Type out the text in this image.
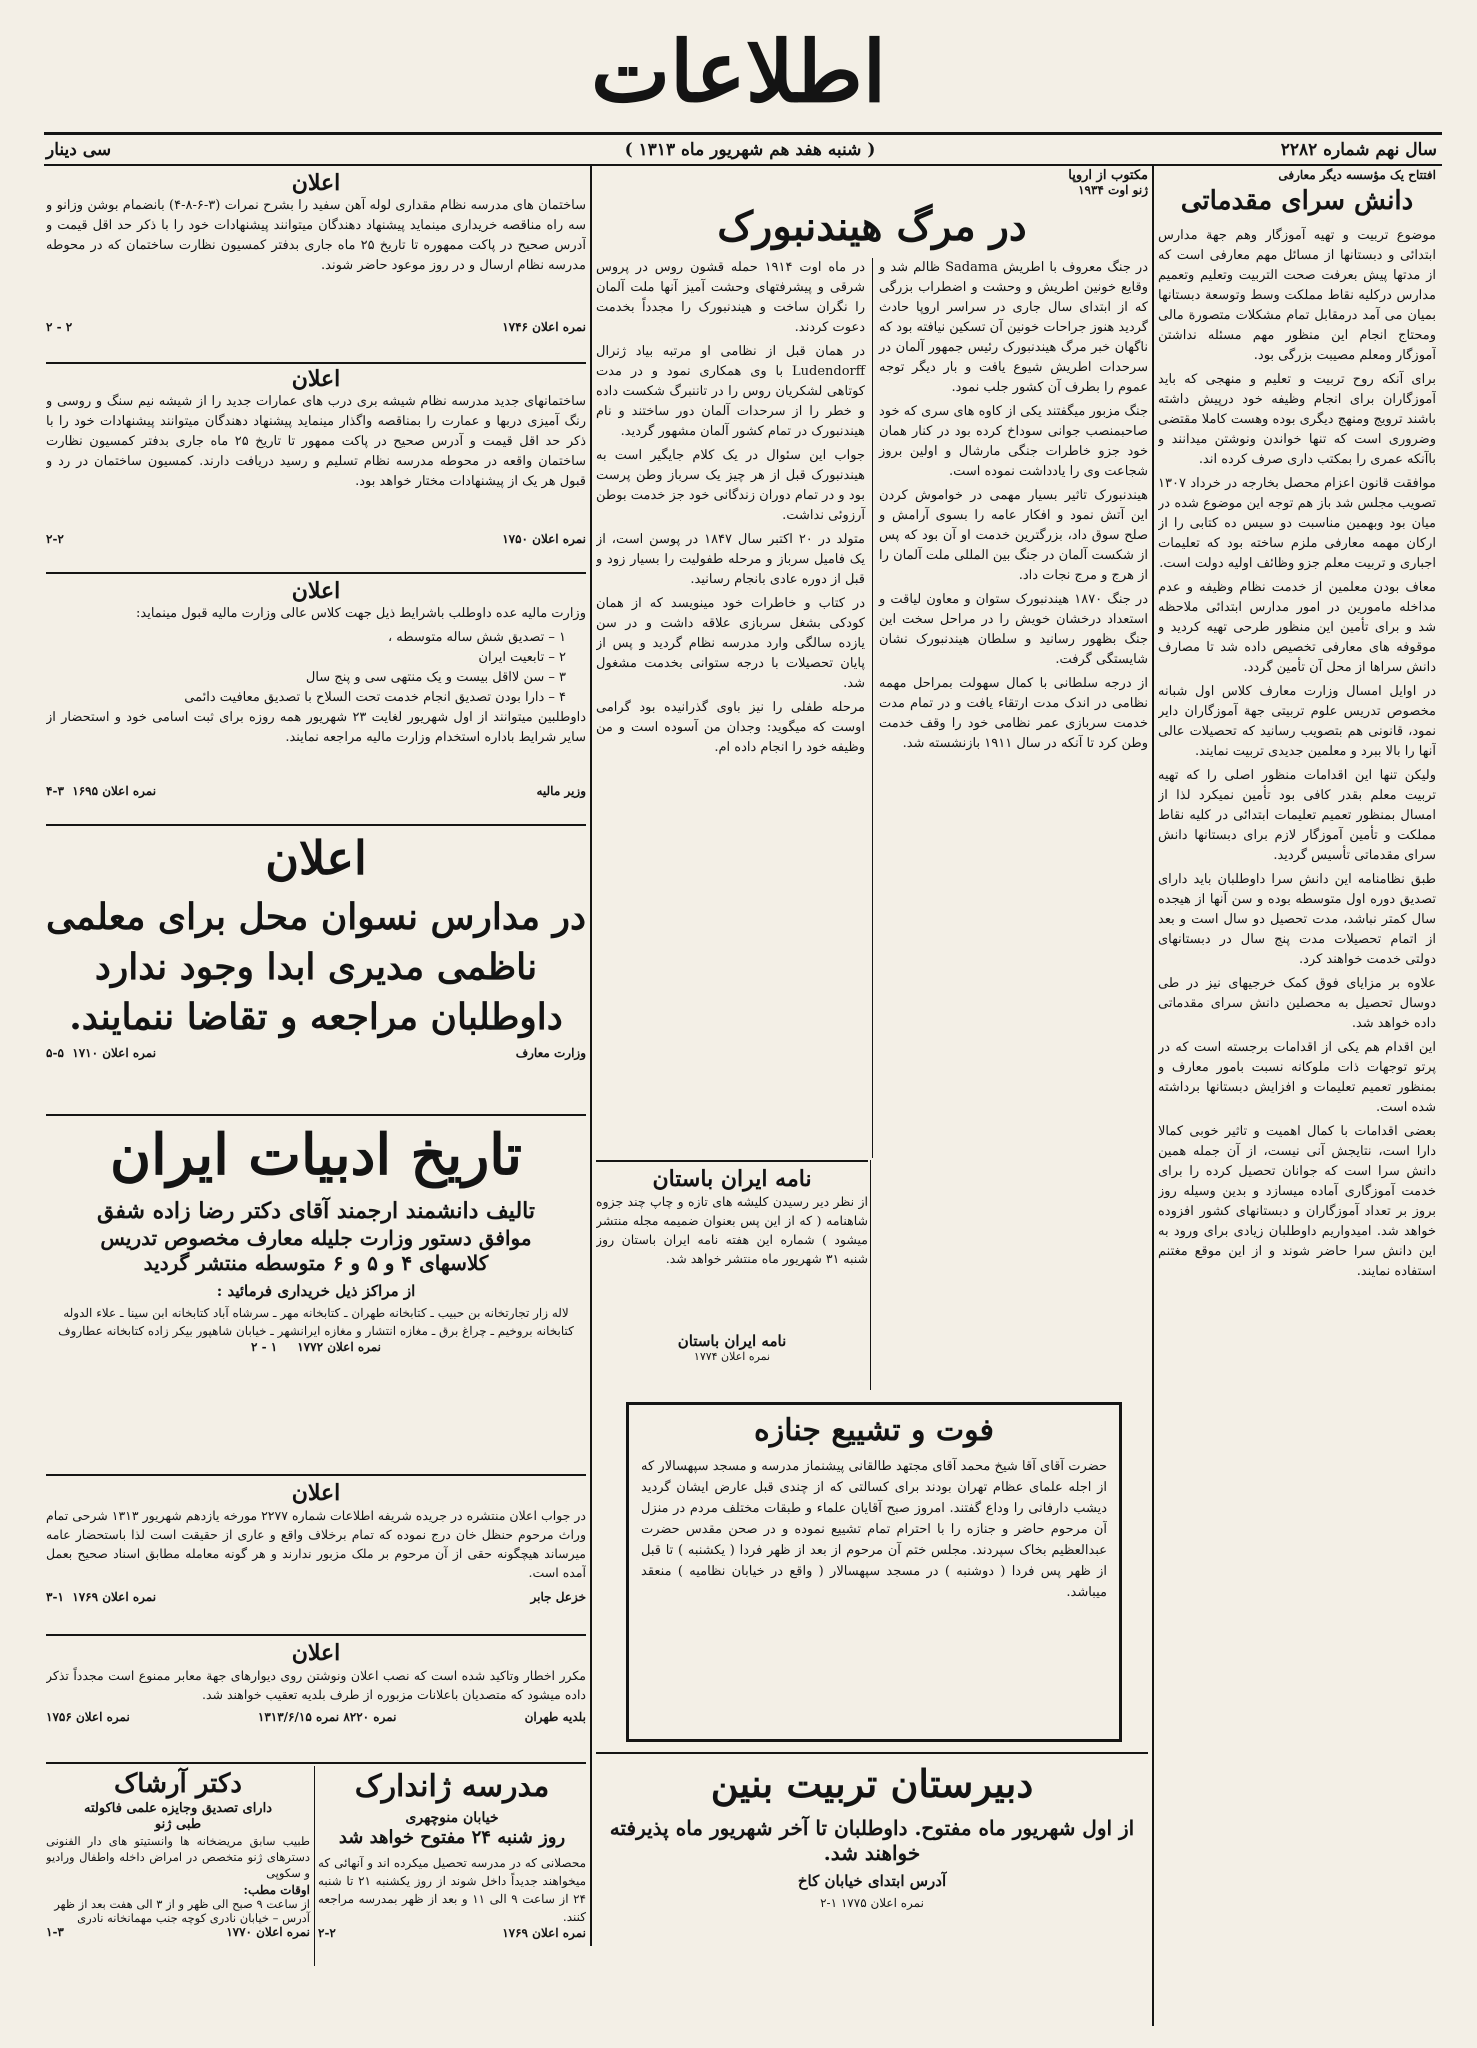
اطلاعات
سال نهم شماره ۲۲۸۲
( شنبه هفد هم شهریور ماه ۱۳۱۳ )
سی دینار
افتتاح یک مؤسسه دیگر معارفی
دانش سرای مقدماتی

موضوع تربیت و تهیه آموزگار وهم جهة مدارس ابتدائی و دبستانها از مسائل مهم معارفی است که از مدتها پیش بعرفت صحت التربیت وتعلیم وتعمیم مدارس درکلیه نقاط مملکت وسط وتوسعة دبستانها بمیان می آمد درمقابل تمام مشکلات متصورة مالی ومحتاج انجام این منظور مهم مسئله نداشتن آموزگار ومعلم مصیبت بزرگی بود.

برای آنکه روح تربیت و تعلیم و منهجی که باید آموزگاران برای انجام وظیفه خود درپیش داشته باشند ترویج ومنهج دیگری بوده وهست کاملا مقتضی وضروری است که تنها خواندن ونوشتن میدانند و باآنکه عمری را بمکتب داری صرف کرده اند.

موافقت قانون اعزام محصل بخارجه در خرداد ۱۳۰۷ تصویب مجلس شد باز هم توجه این موضوع شده در میان بود وبهمین مناسبت دو سیس ده کتابی را از ارکان مهمه معارفی ملزم ساخته بود که تعلیمات اجباری و تربیت معلم جزو وظائف اولیه دولت است.

معاف بودن معلمین از خدمت نظام وظیفه و عدم مداخله مامورین در امور مدارس ابتدائی ملاحظه شد و برای تأمین این منظور طرحی تهیه کردید و موقوفه های معارفی تخصیص داده شد تا مصارف دانش سراها از محل آن تأمین گردد.

در اوایل امسال وزارت معارف کلاس اول شبانه مخصوص تدریس علوم تربیتی جهة آموزگاران دایر نمود، قانونی هم بتصویب رسانید که تحصیلات عالی آنها را بالا ببرد و معلمین جدیدی تربیت نمایند.

ولیکن تنها این اقدامات منظور اصلی را که تهیه تربیت معلم بقدر کافی بود تأمین نمیکرد لذا از امسال بمنظور تعمیم تعلیمات ابتدائی در کلیه نقاط مملکت و تأمین آموزگار لازم برای دبستانها دانش سرای مقدماتی تأسیس گردید.

طبق نظامنامه این دانش سرا داوطلبان باید دارای تصدیق دوره اول متوسطه بوده و سن آنها از هیجده سال کمتر نباشد، مدت تحصیل دو سال است و بعد از اتمام تحصیلات مدت پنج سال در دبستانهای دولتی خدمت خواهند کرد.

علاوه بر مزایای فوق کمک خرجیهای نیز در طی دوسال تحصیل به محصلین دانش سرای مقدماتی داده خواهد شد.

این اقدام هم یکی از اقدامات برجسته است که در پرتو توجهات ذات ملوکانه نسبت بامور معارف و بمنظور تعمیم تعلیمات و افزایش دبستانها برداشته شده است.

بعضی اقدامات با کمال اهمیت و تاثیر خوبی کمالا دارا است، نتایجش آنی نیست، از آن جمله همین دانش سرا است که جوانان تحصیل کرده را برای خدمت آموزگاری آماده میسازد و بدین وسیله روز بروز بر تعداد آموزگاران و دبستانهای کشور افزوده خواهد شد. امیدواریم داوطلبان زیادی برای ورود به این دانش سرا حاضر شوند و از این موقع مغتنم استفاده نمایند.

مکتوب از اروپا
ژنو اوت ۱۹۳۴
در مرگ هیندنبورک

در جنگ معروف با اطریش Sadama ظالم شد و وقایع خونین اطریش و وحشت و اضطراب بزرگی که از ابتدای سال جاری در سراسر اروپا حادث گردید هنوز جراحات خونین آن تسکین نیافته بود که ناگهان خبر مرگ هیندنبورک رئیس جمهور آلمان در سرحدات اطریش شیوع یافت و بار دیگر توجه عموم را بطرف آن کشور جلب نمود.

جنگ مزبور میگفتند یکی از کاوه های سری که خود صاحبمنصب جوانی سوداخ کرده بود در کنار همان خود جزو خاطرات جنگی مارشال و اولین بروز شجاعت وی را یادداشت نموده است.

هیندنبورک تاثیر بسیار مهمی در خواموش کردن این آتش نمود و افکار عامه را بسوی آرامش و صلح سوق داد، بزرگترین خدمت او آن بود که پس از شکست آلمان در جنگ بین المللی ملت آلمان را از هرج و مرج نجات داد.

در جنگ ۱۸۷۰ هیندنبورک ستوان و معاون لیاقت و استعداد درخشان خویش را در مراحل سخت این جنگ بظهور رسانید و سلطان هیندنبورک نشان شایستگی گرفت.

از درجه سلطانی با کمال سهولت بمراحل مهمه نظامی در اندک مدت ارتقاء یافت و در تمام مدت خدمت سربازی عمر نظامی خود را وقف خدمت وطن کرد تا آنکه در سال ۱۹۱۱ بازنشسته شد.

در ماه اوت ۱۹۱۴ حمله قشون روس در پروس شرقی و پیشرفتهای وحشت آمیز آنها ملت آلمان را نگران ساخت و هیندنبورک را مجدداً بخدمت دعوت کردند.

در همان قبل از نظامی او مرتبه بیاد ژنرال Ludendorff با وی همکاری نمود و در مدت کوتاهی لشکریان روس را در تاننبرگ شکست داده و خطر را از سرحدات آلمان دور ساختند و نام هیندنبورک در تمام کشور آلمان مشهور گردید.

جواب این سئوال در یک کلام جایگیر است به هیندنبورک قبل از هر چیز یک سرباز وطن پرست بود و در تمام دوران زندگانی خود جز خدمت بوطن آرزوئی نداشت.

متولد در ۲۰ اکتبر سال ۱۸۴۷ در پوسن است، از یک فامیل سرباز و مرحله طفولیت را بسیار زود و قبل از دوره عادی بانجام رسانید.

در کتاب و خاطرات خود مینویسد که از همان کودکی بشغل سربازی علاقه داشت و در سن یازده سالگی وارد مدرسه نظام گردید و پس از پایان تحصیلات با درجه ستوانی بخدمت مشغول شد.

مرحله طفلی را نیز باوی گذرانیده بود گرامی اوست که میگوید: وجدان من آسوده است و من وظیفه خود را انجام داده ام.

نامه ایران باستان
از نظر دیر رسیدن کلیشه های تازه و چاپ چند جزوه شاهنامه ( که از این پس بعنوان ضمیمه مجله منتشر میشود ) شماره این هفته نامه ایران باستان روز شنبه ۳۱ شهریور ماه منتشر خواهد شد.
نامه ایران باستان
نمره اعلان ۱۷۷۴
فوت و تشییع جنازه
حضرت آقای آقا شیخ محمد آقای مجتهد طالقانی پیشنماز مدرسه و مسجد سپهسالار که از اجله علمای عظام تهران بودند برای کسالتی که از چندی قبل عارض ایشان گردید دیشب دارفانی را وداع گفتند. امروز صبح آقایان علماء و طبقات مختلف مردم در منزل آن مرحوم حاضر و جنازه را با احترام تمام تشییع نموده و در صحن مقدس حضرت عبدالعظیم بخاک سپردند. مجلس ختم آن مرحوم از بعد از ظهر فردا ( یکشنبه ) تا قبل از ظهر پس فردا ( دوشنبه ) در مسجد سپهسالار ( واقع در خیابان نظامیه ) منعقد میباشد.
دبیرستان تربیت بنین
از اول شهریور ماه مفتوح. داوطلبان تا آخر شهریور ماه پذیرفته خواهند شد.
آدرس ابتدای خیابان کاخ
نمره اعلان ۱۷۷۵ ۱-۲
اعلان
ساختمان های مدرسه نظام مقداری لوله آهن سفید را بشرح نمرات (۳-۶-۸-۴) بانضمام بوشن وزانو و سه راه مناقصه خریداری مینماید پیشنهاد دهندگان میتوانند پیشنهادات خود را با ذکر حد اقل قیمت و آدرس صحیح در پاکت ممهوره تا تاریخ ۲۵ ماه جاری بدفتر کمسیون نظارت ساختمان که در محوطه مدرسه نظام ارسال و در روز موعود حاضر شوند.
نمره اعلان ۱۷۴۶
۲ - ۲
اعلان
ساختمانهای جدید مدرسه نظام شیشه بری درب های عمارات جدید را از شیشه نیم سنگ و روسی و رنگ آمیزی دربها و عمارت را بمناقصه واگذار مینماید پیشنهاد دهندگان میتوانند پیشنهادات خود را با ذکر حد اقل قیمت و آدرس صحیح در پاکت ممهور تا تاریخ ۲۵ ماه جاری بدفتر کمسیون نظارت ساختمان واقعه در محوطه مدرسه نظام تسلیم و رسید دریافت دارند. کمسیون ساختمان در رد و قبول هر یک از پیشنهادات مختار خواهد بود.
نمره اعلان ۱۷۵۰
۲-۲
اعلان

وزارت مالیه عده داوطلب باشرایط ذیل جهت کلاس عالی وزارت مالیه قبول مینماید:

۱ – تصدیق شش ساله متوسطه ،

۲ – تابعیت ایران

۳ – سن لااقل بیست و یک منتهی سی و پنج سال

۴ – دارا بودن تصدیق انجام خدمت تحت السلاح با تصدیق معافیت دائمی

داوطلبین میتوانند از اول شهریور لغایت ۲۳ شهریور همه روزه برای ثبت اسامی خود و استحضار از سایر شرایط باداره استخدام وزارت مالیه مراجعه نمایند.

وزیر مالیه
نمره اعلان ۱۶۹۵  ۳-۴
اعلان
در مدارس نسوان محل برای معلمی ناظمی مدیری ابدا وجود ندارد داوطلبان مراجعه و تقاضا ننمایند.
وزارت معارف
نمره اعلان ۱۷۱۰  ۵-۵
تاریخ ادبیات ایران
تالیف دانشمند ارجمند آقای دکتر رضا زاده شفق
موافق دستور وزارت جلیله معارف مخصوص تدریس
کلاسهای ۴ و ۵ و ۶ متوسطه منتشر گردید
از مراکز ذیل خریداری فرمائید :
لاله زار تجارتخانه بن حبیب ـ کتابخانه طهران ـ کتابخانه مهر ـ سرشاه آباد کتابخانه ابن سینا ـ علاء الدوله کتابخانه بروخیم ـ چراغ برق ـ مغازه انتشار و مغازه ایرانشهر ـ خیابان شاهپور بیکر زاده کتابخانه عطاروف
نمره اعلان ۱۷۷۲
۱ - ۲
اعلان
در جواب اعلان منتشره در جریده شریفه اطلاعات شماره ۲۲۷۷ مورخه یازدهم شهریور ۱۳۱۳ شرحی تمام وراث مرحوم حنظل خان درج نموده که تمام برخلاف واقع و عاری از حقیقت است لذا باستحضار عامه میرساند هیچگونه حقی از آن مرحوم بر ملک مزبور ندارند و هر گونه معامله مطابق اسناد صحیح بعمل آمده است.
خزعل جابر
نمره اعلان ۱۷۶۹  ۱-۳
اعلان
مکرر اخطار وتاکید شده است که نصب اعلان ونوشتن روی دیوارهای جهة معابر ممنوع است مجدداً تذکر داده میشود که متصدیان باعلانات مزبوره از طرف بلدیه تعقیب خواهند شد.
بلدیه طهران
نمره ۸۲۲۰ نمره ۱۳۱۳/۶/۱۵
نمره اعلان ۱۷۵۶
مدرسه ژاندارک
خیابان منوچهری
روز شنبه ۲۴ مفتوح خواهد شد
محصلانی که در مدرسه تحصیل میکرده اند و آنهائی که میخواهند جدیداً داخل شوند از روز یکشنبه ۲۱ تا شنبه ۲۴ از ساعت ۹ الی ۱۱ و بعد از ظهر بمدرسه مراجعه کنند.
نمره اعلان ۱۷۶۹
۲-۲
دکتر آرشاک
دارای تصدیق وجایزه علمی فاکولته
طبی ژنو
طبیب سابق مریضخانه ها وانستیتو های دار الفنونی دسترهای ژنو متخصص در امراض داخله واطفال ورادیو و سکوپی
اوقات مطب:
از ساعت ۹ صبح الی ظهر و از ۳ الی هفت بعد از ظهر
آدرس – خیابان نادری کوچه جنب مهمانخانه نادری
نمره اعلان ۱۷۷۰
۱-۳
